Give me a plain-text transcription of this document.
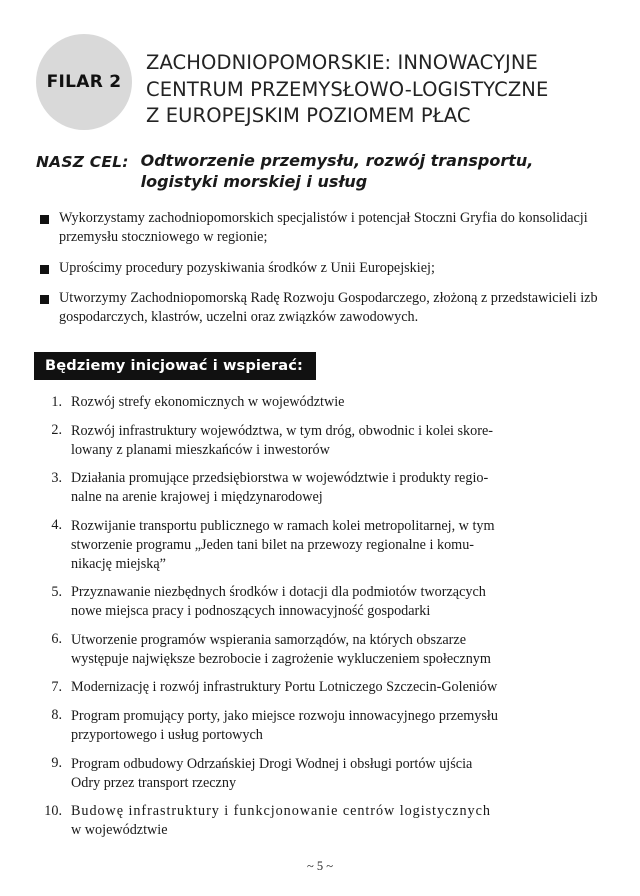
FILAR 2
ZACHODNIOPOMORSKIE: INNOWACYJNE
CENTRUM PRZEMYSŁOWO-LOGISTYCZNE
Z EUROPEJSKIM POZIOMEM PŁAC
NASZ CEL: Odtworzenie przemysłu, rozwój transportu,
logistyki morskiej i usług
Wykorzystamy zachodniopomorskich specjalistów i potencjał Stoczni Gryfia do konsolidacji przemysłu stoczniowego w regionie;
Uprościmy procedury pozyskiwania środków z Unii Europejskiej;
Utworzymy Zachodniopomorską Radę Rozwoju Gospodarczego, złożoną z przedstawicieli izb gospodarczych, klastrów, uczelni oraz związków zawodowych.
Będziemy inicjować i wspierać:
1. Rozwój strefy ekonomicznych w województwie
2. Rozwój infrastruktury województwa, w tym dróg, obwodnic i kolei skore-
lowany z planami mieszkańców i inwestorów
3. Działania promujące przedsiębiorstwa w województwie i produkty regio-
nalne na arenie krajowej i międzynarodowej
4. Rozwijanie transportu publicznego w ramach kolei metropolitarnej, w tym
stworzenie programu „Jeden tani bilet na przewozy regionalne i komu-
nikację miejską”
5. Przyznawanie niezbędnych środków i dotacji dla podmiotów tworzących
nowe miejsca pracy i podnoszących innowacyjność gospodarki
6. Utworzenie programów wspierania samorządów, na których obszarze
występuje największe bezrobocie i zagrożenie wykluczeniem społecznym
7. Modernizację i rozwój infrastruktury Portu Lotniczego Szczecin-Goleniów
8. Program promujący porty, jako miejsce rozwoju innowacyjnego przemysłu
przyportowego i usług portowych
9. Program odbudowy Odrzańskiej Drogi Wodnej i obsługi portów ujścia
Odry przez transport rzeczny
10. Budowę infrastruktury i funkcjonowanie centrów logistycznych
w województwie
~ 5 ~
